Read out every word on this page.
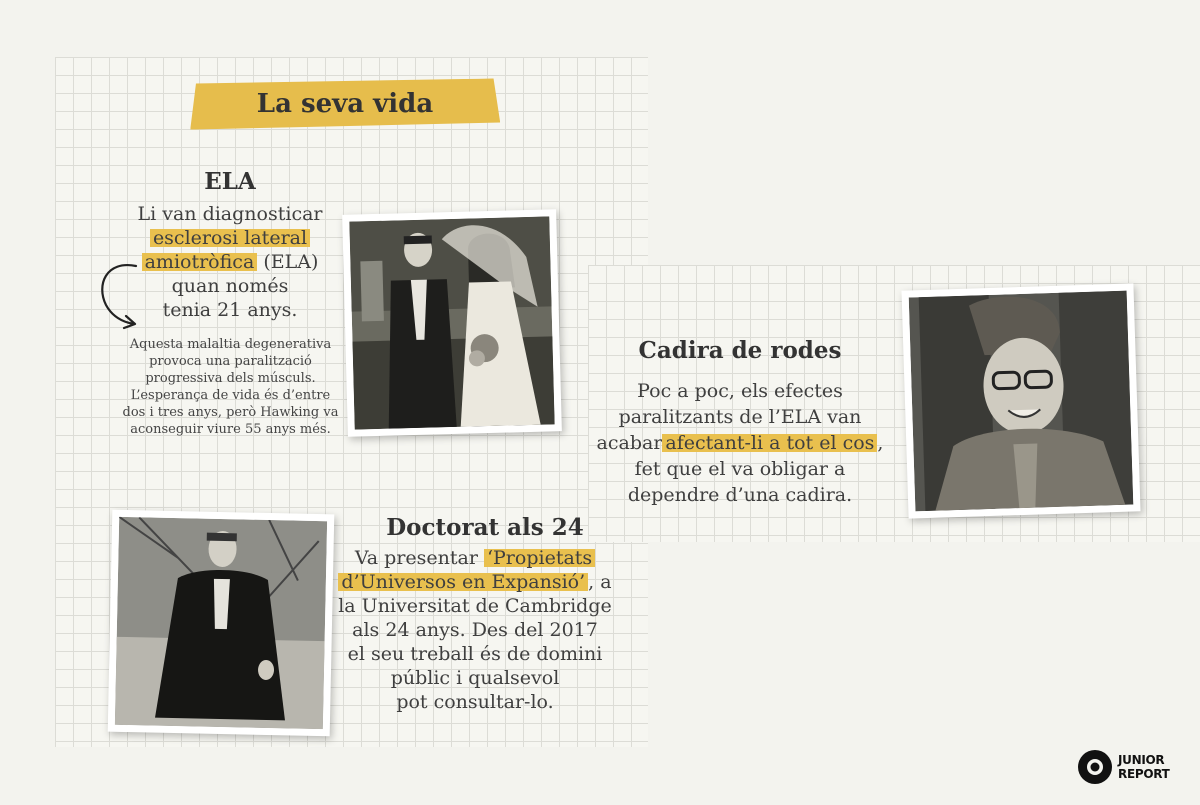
La seva vida
ELA
Li van diagnosticar
esclerosi lateral
amiotròfica (ELA)
quan només
tenia 21 anys.
Aquesta malaltia degenerativa
provoca una paralització
progressiva dels músculs.
L’esperança de vida és d’entre
dos i tres anys, però Hawking va
aconseguir viure 55 anys més.
Cadira de rodes
Poc a poc, els efectes
paralitzants de l’ELA van
acabar afectant-li a tot el cos ,
fet que el va obligar a
dependre d’una cadira.
Doctorat als 24
Va presentar ‘Propietats
d’Universos en Expansió’ , a
la Universitat de Cambridge
als 24 anys. Des del 2017
el seu treball és de domini
públic i qualsevol
pot consultar-lo.
JUNIOR
REPORT
